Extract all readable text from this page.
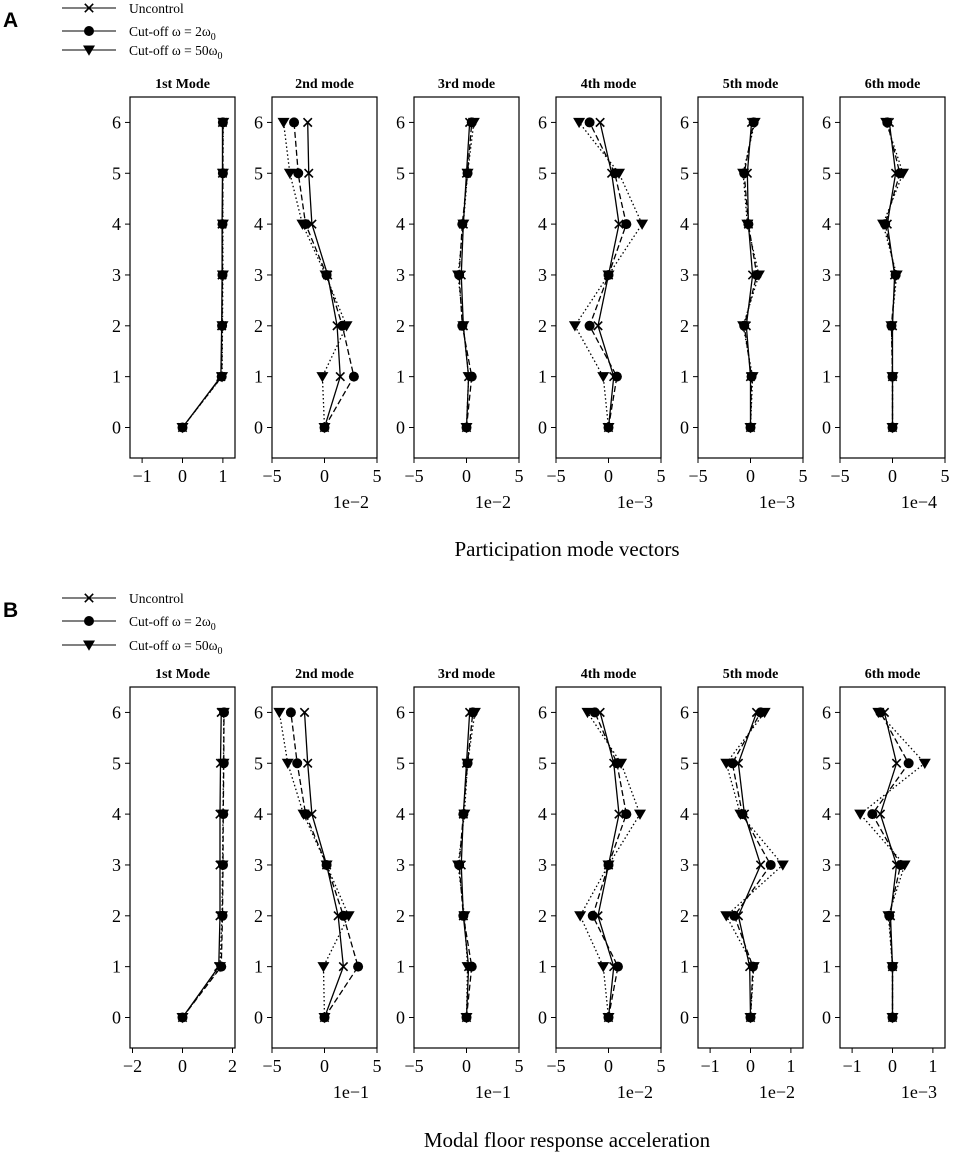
A
Uncontrol
Cut-off $\omega = 2\omega_0$
Cut-off $\omega = 50\omega_0$
1st Mode
0
1
2
3
4
5
6
−1 0 1
2nd mode
0
1
2
3
4
5
6
−5 0 5
1e−2
3rd mode
0
1
2
3
4
5
6
−5 0 5
1e−2
4th mode
0
1
2
3
4
5
6
−5 0 5
1e−3
5th mode
0
1
2
3
4
5
6
−5 0 5
1e−3
6th mode
0
1
2
3
4
5
6
−5 0 5
1e−4
Participation mode vectors
B
Uncontrol
Cut-off $\omega = 2\omega_0$
Cut-off $\omega = 50\omega_0$
1st Mode
0
1
2
3
4
5
6
−2 0 2
2nd mode
0
1
2
3
4
5
6
−5 0 5
1e−1
3rd mode
0
1
2
3
4
5
6
−5 0 5
1e−1
4th mode
0
1
2
3
4
5
6
−5 0 5
1e−2
5th mode
0
1
2
3
4
5
6
−1 0 1
1e−2
6th mode
0
1
2
3
4
5
6
−1 0 1
1e−3
Modal floor response acceleration
